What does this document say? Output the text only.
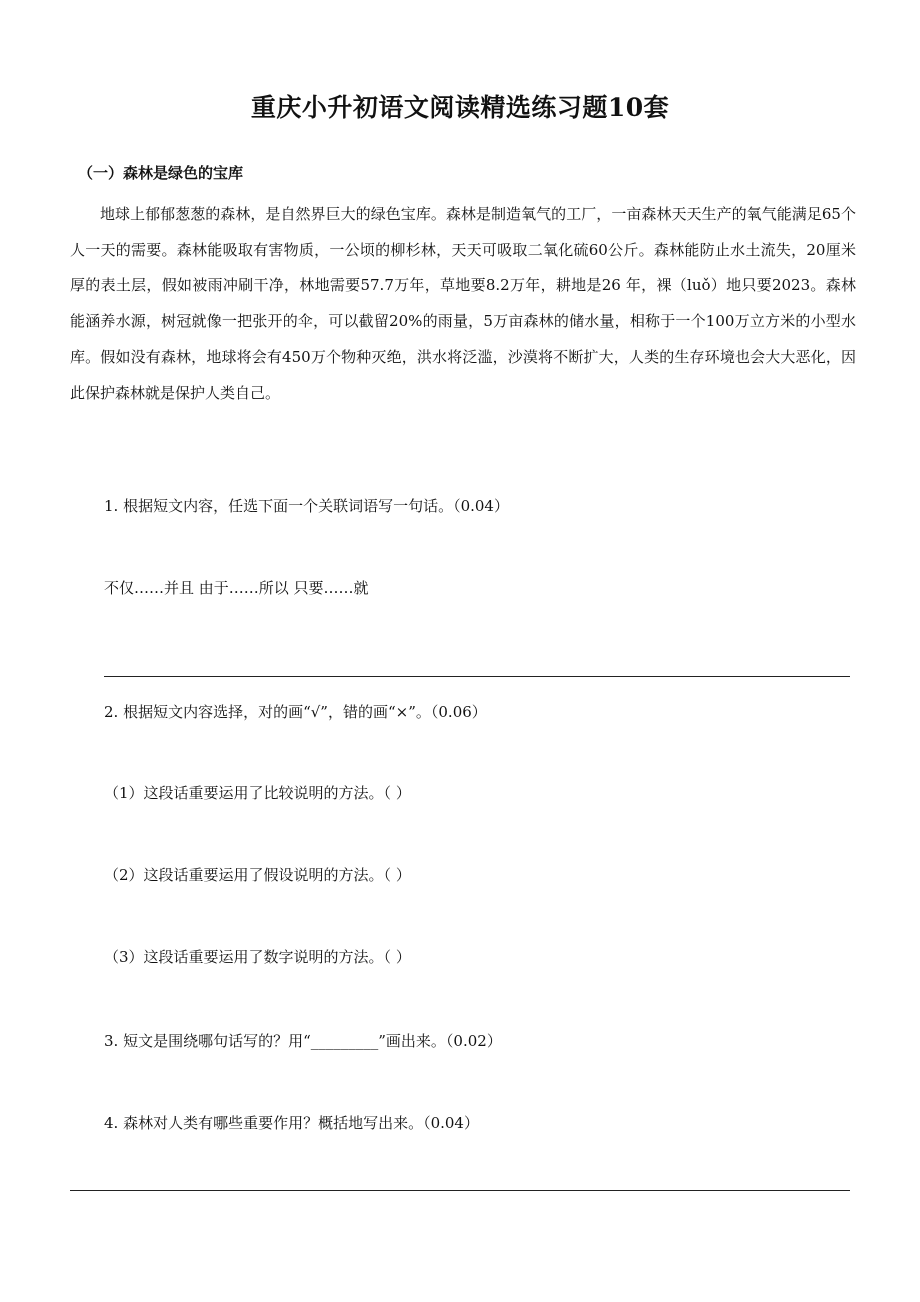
重庆小升初语文阅读精选练习题10套
（一）森林是绿色的宝库

地球上郁郁葱葱的森林，是自然界巨大的绿色宝库。森林是制造氧气的工厂，一亩森林天天生产的氧气能满足65个人一天的需要。森林能吸取有害物质，一公顷的柳杉林，天天可吸取二氧化硫60公斤。森林能防止水土流失，20厘米厚的表土层，假如被雨冲刷干净，林地需要57.7万年，草地要8.2万年，耕地是26 年，裸（luǒ）地只要2023。森林能涵养水源，树冠就像一把张开的伞，可以截留20%的雨量，5万亩森林的储水量，相称于一个100万立方米的小型水库。假如没有森林，地球将会有450万个物种灭绝，洪水将泛滥，沙漠将不断扩大，人类的生存环境也会大大恶化，因此保护森林就是保护人类自己。

1. 根据短文内容，任选下面一个关联词语写一句话。（0.04）
不仅……并且 由于……所以 只要……就
2. 根据短文内容选择，对的画“√”，错的画“×”。（0.06）
（1）这段话重要运用了比较说明的方法。（ ）
（2）这段话重要运用了假设说明的方法。（ ）
（3）这段话重要运用了数字说明的方法。（ ）
3. 短文是围绕哪句话写的？用“_________”画出来。（0.02）
4. 森林对人类有哪些重要作用？概括地写出来。（0.04）
